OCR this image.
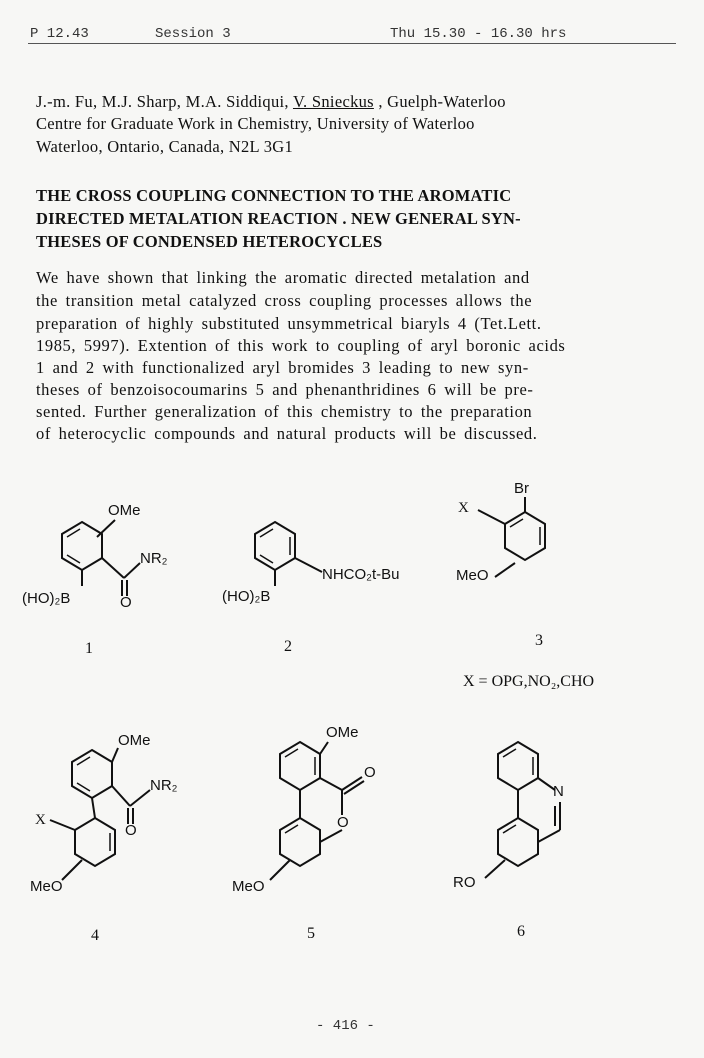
P 12.43	Session 3	Thu 15.30 - 16.30 hrs
J.-m. Fu, M.J. Sharp, M.A. Siddiqui, V. Snieckus , Guelph-Waterloo
Centre for Graduate Work in Chemistry, University of Waterloo
Waterloo, Ontario, Canada, N2L 3G1
THE CROSS COUPLING CONNECTION TO THE AROMATIC
DIRECTED METALATION REACTION . NEW GENERAL SYN-
THESES OF CONDENSED HETEROCYCLES
We have shown that linking the aromatic directed metalation and
the transition metal catalyzed cross coupling processes allows the
preparation of highly substituted unsymmetrical biaryls 4 (Tet.Lett.
1985, 5997). Extention of this work to coupling of aryl boronic acids
1 and 2 with functionalized aryl bromides 3 leading to new syn-
theses of benzoisocoumarins 5 and phenanthridines 6 will be pre-
sented. Further generalization of this chemistry to the preparation
of heterocyclic compounds and natural products will be discussed.
OMe
NR₂
(HO)₂B	O
1
NHCO₂t-Bu
(HO)₂B
2
Br
X
MeO
3
X = OPG,NO₂,CHO
OMe
NR₂
O
X
MeO
4
OMe
O
O
MeO
5
N
RO
6
- 416 -
